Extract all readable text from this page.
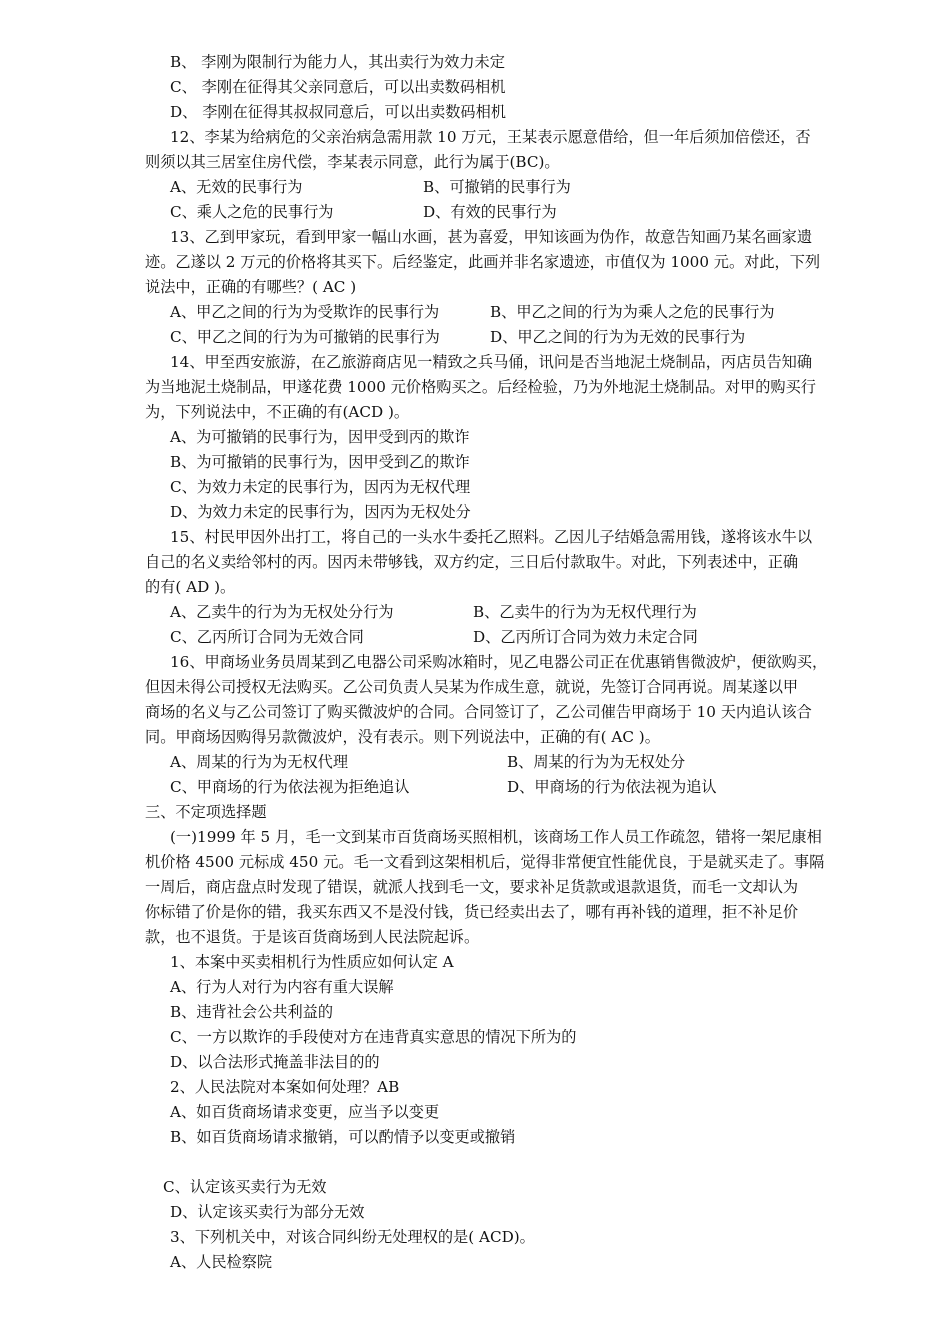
B、 李刚为限制行为能力人，其出卖行为效力未定
C、 李刚在征得其父亲同意后，可以出卖数码相机
D、 李刚在征得其叔叔同意后，可以出卖数码相机
12、李某为给病危的父亲治病急需用款 10 万元，王某表示愿意借给，但一年后须加倍偿还，否
则须以其三居室住房代偿，李某表示同意，此行为属于(BC)。
A、无效的民事行为	B、可撤销的民事行为
C、乘人之危的民事行为	D、有效的民事行为
13、乙到甲家玩，看到甲家一幅山水画，甚为喜爱，甲知该画为伪作，故意告知画乃某名画家遗
迹。乙遂以 2 万元的价格将其买下。后经鉴定，此画并非名家遗迹，市值仅为 1000 元。对此，下列
说法中，正确的有哪些？( AC )
A、甲乙之间的行为为受欺诈的民事行为	B、甲乙之间的行为为乘人之危的民事行为
C、甲乙之间的行为为可撤销的民事行为	D、甲乙之间的行为为无效的民事行为
14、甲至西安旅游，在乙旅游商店见一精致之兵马俑，讯问是否当地泥土烧制品，丙店员告知确
为当地泥土烧制品，甲遂花费 1000 元价格购买之。后经检验，乃为外地泥土烧制品。对甲的购买行
为，下列说法中，不正确的有(ACD )。
A、为可撤销的民事行为，因甲受到丙的欺诈
B、为可撤销的民事行为，因甲受到乙的欺诈
C、为效力未定的民事行为，因丙为无权代理
D、为效力未定的民事行为，因丙为无权处分
15、村民甲因外出打工，将自己的一头水牛委托乙照料。乙因儿子结婚急需用钱，遂将该水牛以
自己的名义卖给邻村的丙。因丙未带够钱，双方约定，三日后付款取牛。对此，下列表述中，正确
的有( AD )。
A、乙卖牛的行为为无权处分行为	B、乙卖牛的行为为无权代理行为
C、乙丙所订合同为无效合同	D、乙丙所订合同为效力未定合同
16、甲商场业务员周某到乙电器公司采购冰箱时，见乙电器公司正在优惠销售微波炉，便欲购买，
但因未得公司授权无法购买。乙公司负责人吴某为作成生意，就说，先签订合同再说。周某遂以甲
商场的名义与乙公司签订了购买微波炉的合同。合同签订了，乙公司催告甲商场于 10 天内追认该合
同。甲商场因购得另款微波炉，没有表示。则下列说法中，正确的有( AC )。
A、周某的行为为无权代理	B、周某的行为为无权处分
C、甲商场的行为依法视为拒绝追认	D、甲商场的行为依法视为追认
三、不定项选择题
(一)1999 年 5 月，毛一文到某市百货商场买照相机，该商场工作人员工作疏忽，错将一架尼康相
机价格 4500 元标成 450 元。毛一文看到这架相机后，觉得非常便宜性能优良，于是就买走了。事隔
一周后，商店盘点时发现了错误，就派人找到毛一文，要求补足货款或退款退货，而毛一文却认为
你标错了价是你的错，我买东西又不是没付钱，货已经卖出去了，哪有再补钱的道理，拒不补足价
款，也不退货。于是该百货商场到人民法院起诉。
1、本案中买卖相机行为性质应如何认定 A
A、行为人对行为内容有重大误解
B、违背社会公共利益的
C、一方以欺诈的手段使对方在违背真实意思的情况下所为的
D、以合法形式掩盖非法目的的
2、人民法院对本案如何处理？AB
A、如百货商场请求变更，应当予以变更
B、如百货商场请求撤销，可以酌情予以变更或撤销
C、认定该买卖行为无效
D、认定该买卖行为部分无效
3、下列机关中，对该合同纠纷无处理权的是( ACD)。
A、人民检察院
